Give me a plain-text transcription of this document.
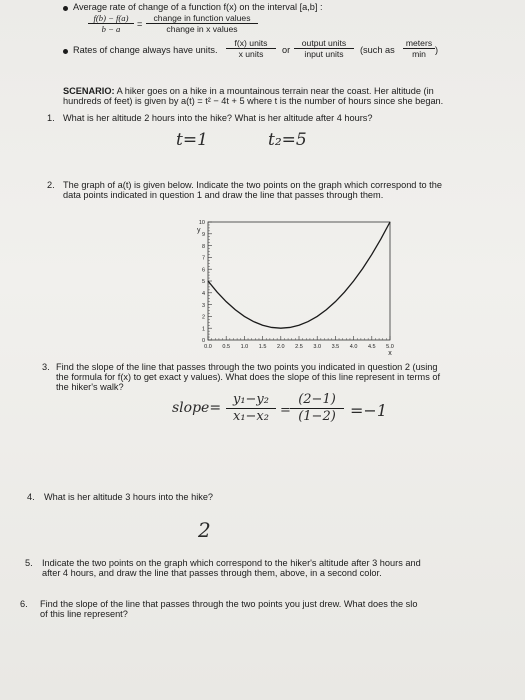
Average rate of change of a function f(x) on the interval [a,b] :
$\frac{f(b) - f(a)}{b - a}$ =
change in function values
change in x values
Rates of change always have units.
f(x) units
x units	or
output units
input units	(such as
meters
min )
SCENARIO: A hiker goes on a hike in a mountainous terrain near the coast. Her altitude (in
hundreds of feet) is given by a(t) = t² − 4t + 5 where t is the number of hours since she began.
1. What is her altitude 2 hours into the hike? What is her altitude after 4 hours?
t=1	t₂=5
2. The graph of a(t) is given below. Indicate the two points on the graph which correspond to the
data points indicated in question 1 and draw the line that passes through them.
0
1
2
3
4
5
6
7
8
9
10
0.0 0.5 1.0 1.5 2.0 2.5 3.0 3.5 4.0 4.5 5.0
y
x
3. Find the slope of the line that passes through the two points you indicated in question 2 (using
the formula for f(x) to get exact y values). What does the slope of this line represent in terms of
the hiker's walk?
slope= $\frac{\text{y₁−y₂}}{\text{x₁−x₂}} = \frac{(2-1)}{(1-2)} =-1$
4. What is her altitude 3 hours into the hike?
2
5. Indicate the two points on the graph which correspond to the hiker's altitude after 3 hours and
after 4 hours, and draw the line that passes through them, above, in a second color.
6. Find the slope of the line that passes through the two points you just drew. What does the slo
of this line represent?
